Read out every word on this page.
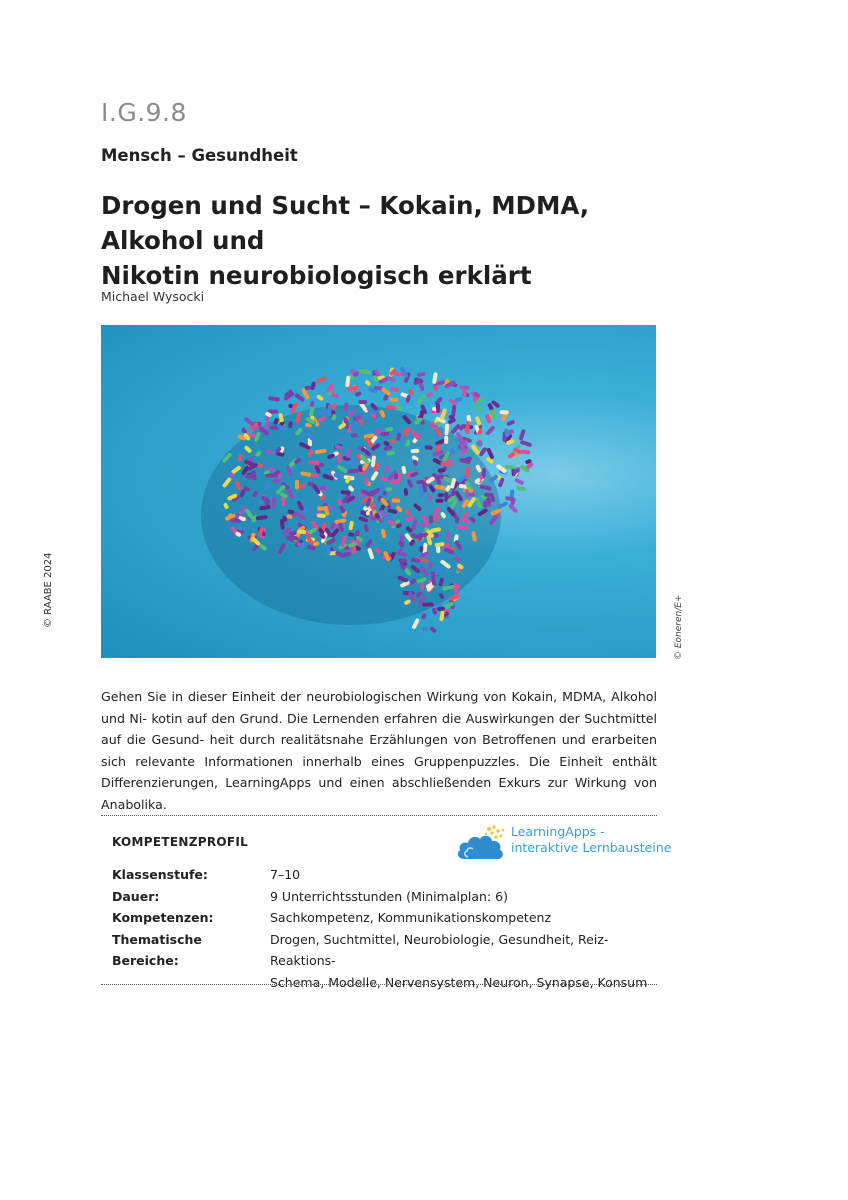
I.G.9.8
Mensch – Gesundheit
Drogen und Sucht – Kokain, MDMA, Alkohol und
Nikotin neurobiologisch erklärt
Michael Wysocki
© RAABE 2024	© Eoneren/E+

Gehen Sie in dieser Einheit der neurobiologischen Wirkung von Kokain, MDMA, Alkohol und Ni- kotin auf den Grund. Die Lernenden erfahren die Auswirkungen der Suchtmittel auf die Gesund- heit durch realitätsnahe Erzählungen von Betroffenen und erarbeiten sich relevante Informationen innerhalb eines Gruppenpuzzles. Die Einheit enthält Differenzierungen, LearningApps und einen abschließenden Exkurs zur Wirkung von Anabolika.

KOMPETENZPROFIL
LearningApps -
interaktive Lernbausteine
Klassenstufe:	7–10
Dauer:	9 Unterrichtsstunden (Minimalplan: 6)
Kompetenzen:	Sachkompetenz, Kommunikationskompetenz
Thematische Bereiche:
Drogen, Suchtmittel, Neurobiologie, Gesundheit, Reiz-Reaktions-
Schema, Modelle, Nervensystem, Neuron, Synapse, Konsum
